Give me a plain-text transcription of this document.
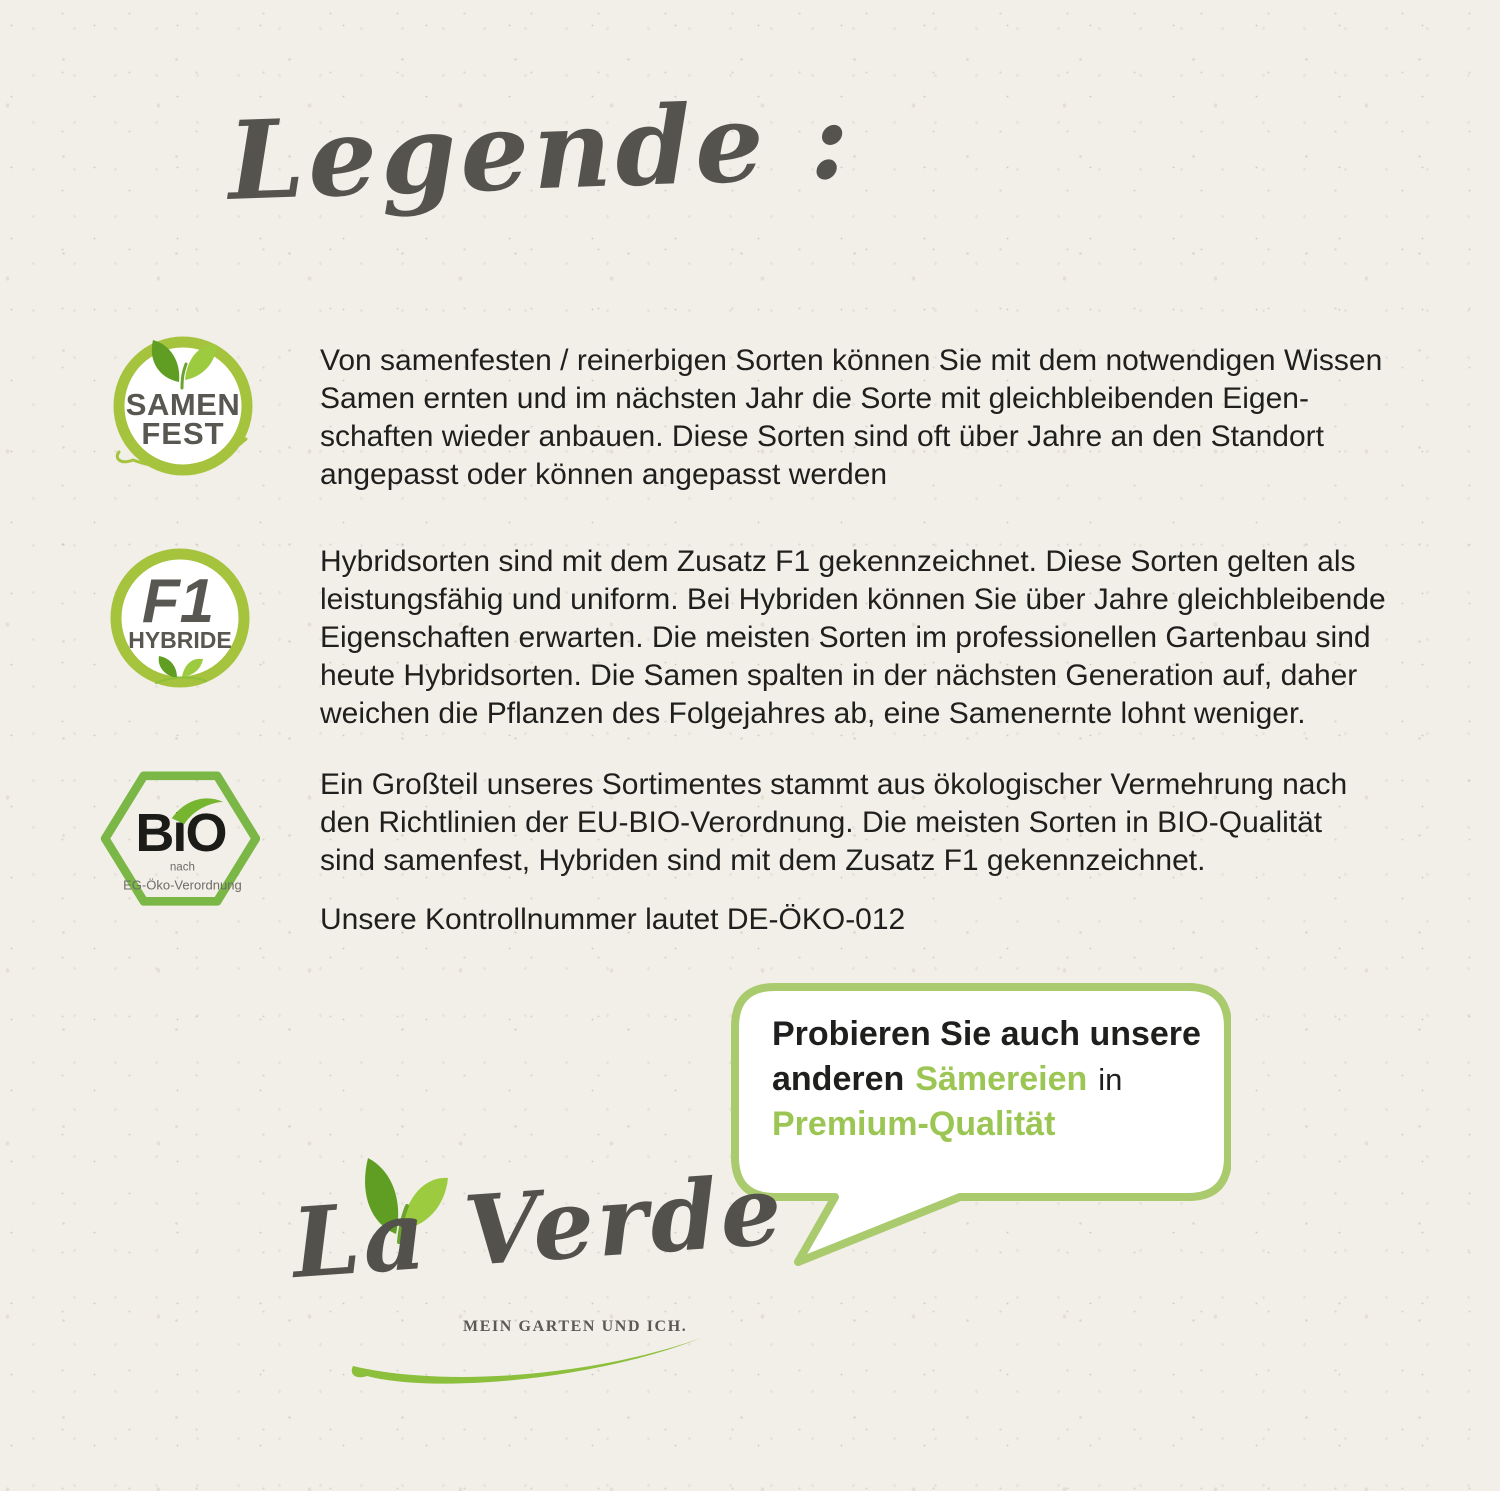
Legende :
SAMEN
FEST
Von samenfesten / reinerbigen Sorten können Sie mit dem notwendigen Wissen
Samen ernten und im nächsten Jahr die Sorte mit gleichbleibenden Eigen-
schaften wieder anbauen. Diese Sorten sind oft über Jahre an den Standort
angepasst oder können angepasst werden
F1
HYBRIDE
Hybridsorten sind mit dem Zusatz F1 gekennzeichnet. Diese Sorten gelten als
leistungsfähig und uniform. Bei Hybriden können Sie über Jahre gleichbleibende
Eigenschaften erwarten. Die meisten Sorten im professionellen Gartenbau sind
heute Hybridsorten. Die Samen spalten in der nächsten Generation auf, daher
weichen die Pflanzen des Folgejahres ab, eine Samenernte lohnt weniger.
BiO
nach
EG-Öko-Verordnung
Ein Großteil unseres Sortimentes stammt aus ökologischer Vermehrung nach
den Richtlinien der EU-BIO-Verordnung. Die meisten Sorten in BIO-Qualität
sind samenfest, Hybriden sind mit dem Zusatz F1 gekennzeichnet.
Unsere Kontrollnummer lautet DE-ÖKO-012
Probieren Sie auch unsere
anderen Sämereien in
Premium-Qualität
La Verde
MEIN GARTEN UND ICH.
